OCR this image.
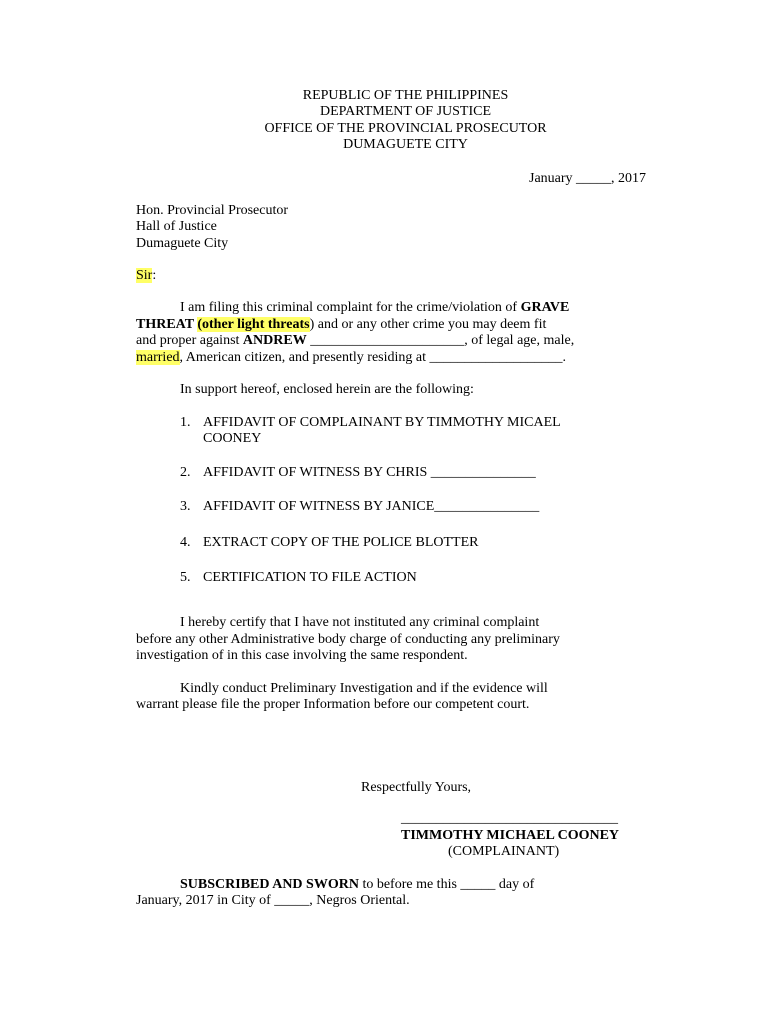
REPUBLIC OF THE PHILIPPINES
DEPARTMENT OF JUSTICE
OFFICE OF THE PROVINCIAL PROSECUTOR
DUMAGUETE CITY
January _____, 2017
Hon. Provincial Prosecutor
Hall of Justice
Dumaguete City
Sir:
I am filing this criminal complaint for the crime/violation of GRAVE
THREAT (other light threats) and or any other crime you may deem fit
and proper against ANDREW ______________________, of legal age, male,
married, American citizen, and presently residing at ___________________.
In support hereof, enclosed herein are the following:
1. AFFIDAVIT OF COMPLAINANT BY TIMMOTHY MICAEL
COONEY
2. AFFIDAVIT OF WITNESS BY CHRIS _______________
3. AFFIDAVIT OF WITNESS BY JANICE_______________
4. EXTRACT COPY OF THE POLICE BLOTTER
5. CERTIFICATION TO FILE ACTION
I hereby certify that I have not instituted any criminal complaint
before any other Administrative body charge of conducting any preliminary
investigation of in this case involving the same respondent.
Kindly conduct Preliminary Investigation and if the evidence will
warrant please file the proper Information before our competent court.
Respectfully Yours,
_______________________________
TIMMOTHY MICHAEL COONEY
(COMPLAINANT)
SUBSCRIBED AND SWORN to before me this _____ day of
January, 2017 in City of _____, Negros Oriental.
